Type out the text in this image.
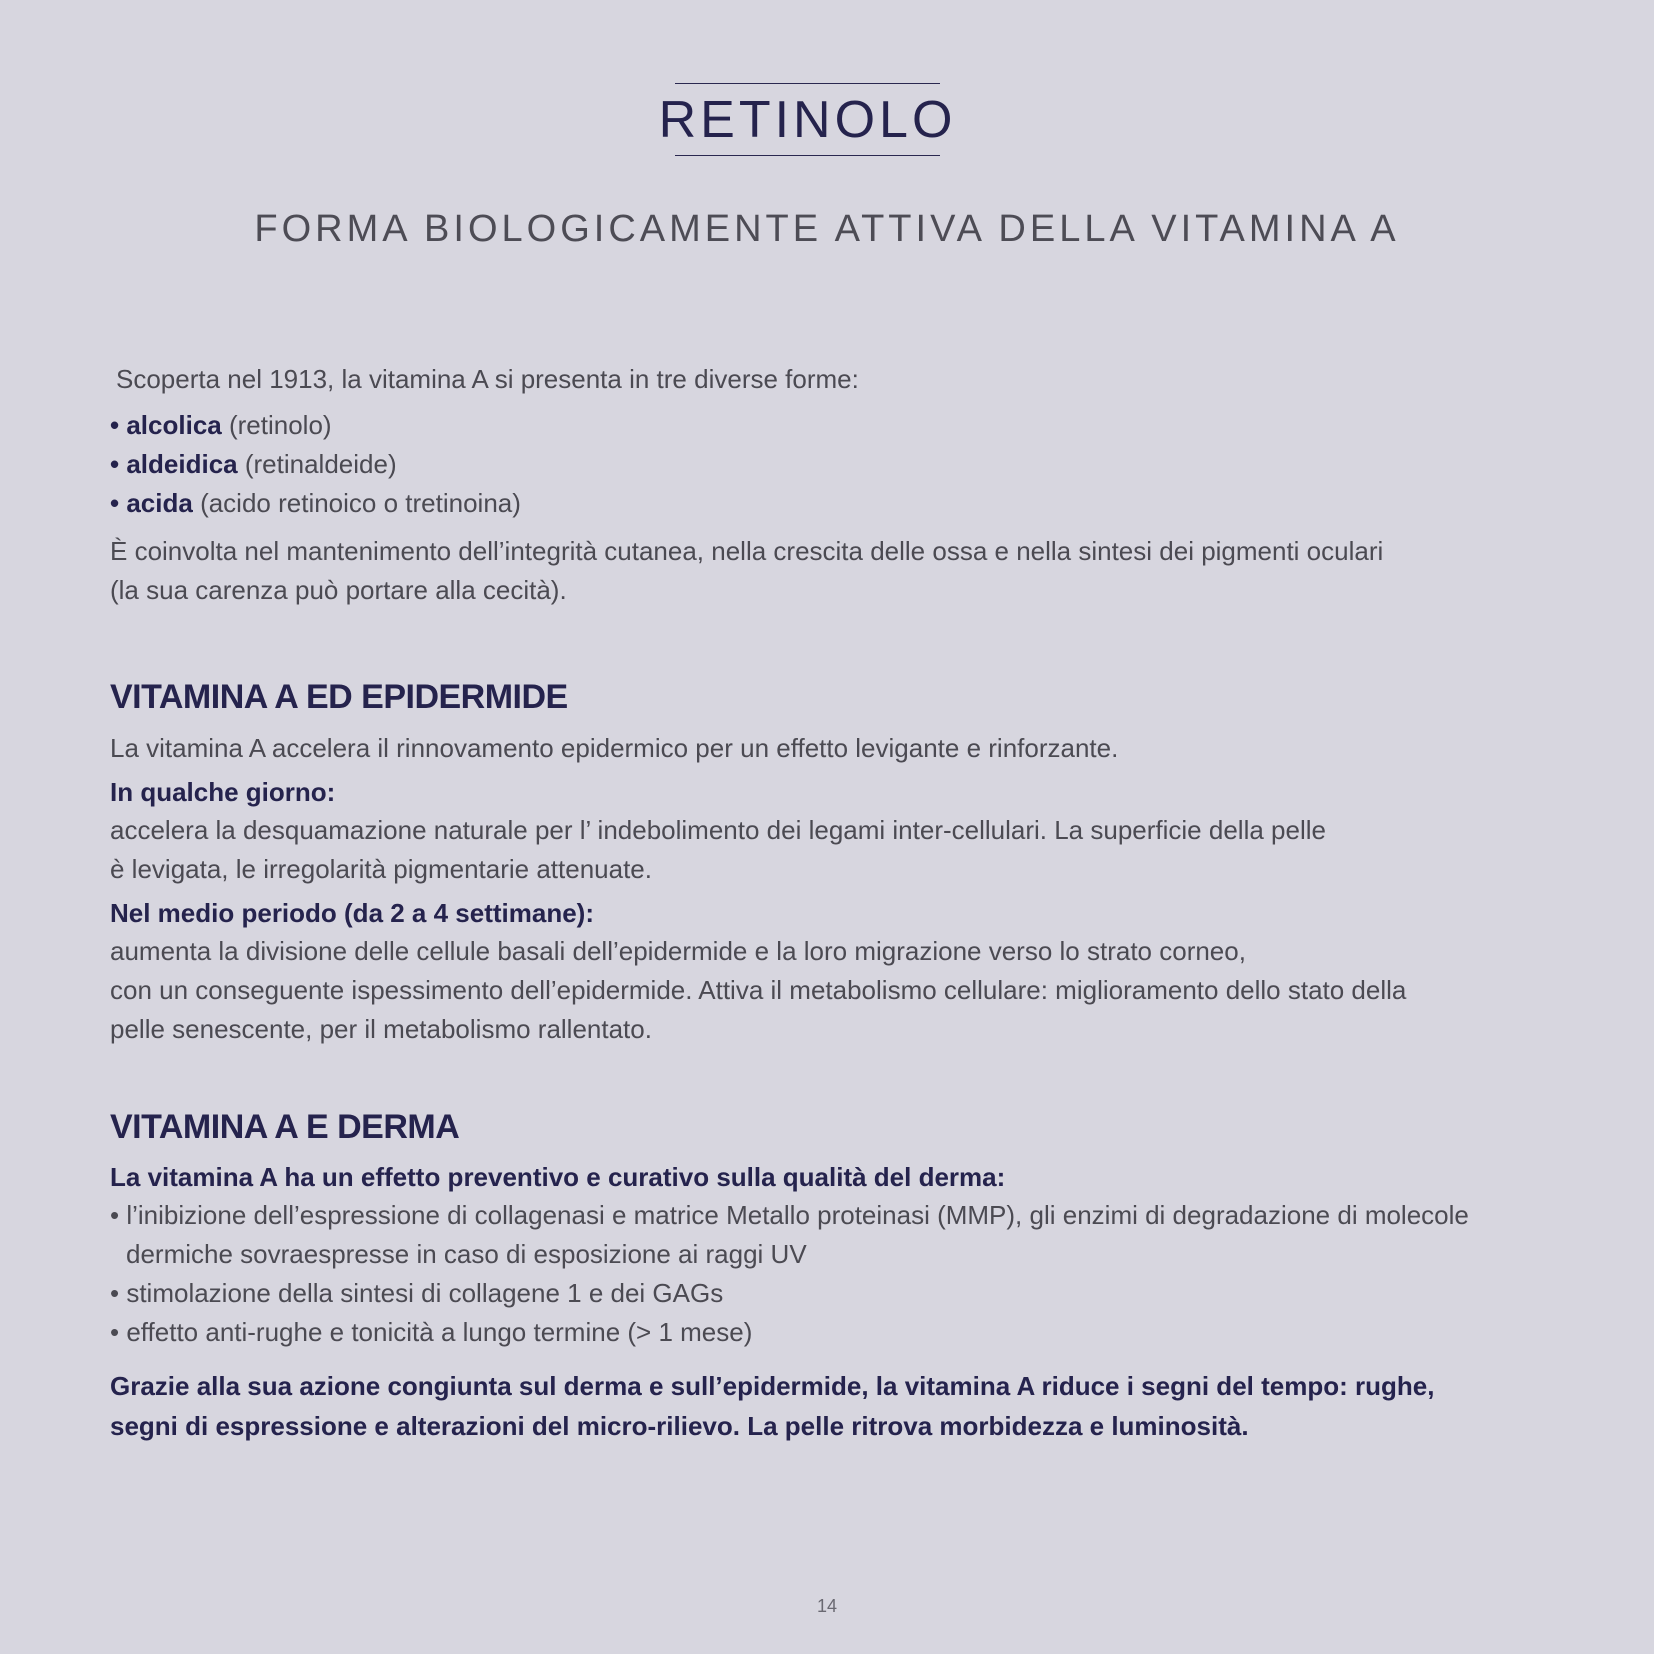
RETINOLO

FORMA BIOLOGICAMENTE ATTIVA DELLA VITAMINA A

Scoperta nel 1913, la vitamina A si presenta in tre diverse forme:

• alcolica (retinolo)
• aldeidica (retinaldeide)
• acida (acido retinoico o tretinoina)

È coinvolta nel mantenimento dell’integrità cutanea, nella crescita delle ossa e nella sintesi dei pigmenti oculari

(la sua carenza può portare alla cecità).

VITAMINA A ED EPIDERMIDE

La vitamina A accelera il rinnovamento epidermico per un effetto levigante e rinforzante.

In qualche giorno:

accelera la desquamazione naturale per l’ indebolimento dei legami inter-cellulari. La superficie della pelle

è levigata, le irregolarità pigmentarie attenuate.

Nel medio periodo (da 2 a 4 settimane):

aumenta la divisione delle cellule basali dell’epidermide e la loro migrazione verso lo strato corneo,

con un conseguente ispessimento dell’epidermide. Attiva il metabolismo cellulare: miglioramento dello stato della

pelle senescente, per il metabolismo rallentato.

VITAMINA A E DERMA

La vitamina A ha un effetto preventivo e curativo sulla qualità del derma:

• l’inibizione dell’espressione di collagenasi e matrice Metallo proteinasi (MMP), gli enzimi di degradazione di molecole dermiche sovraespresse in caso di esposizione ai raggi UV
• stimolazione della sintesi di collagene 1 e dei GAGs
• effetto anti-rughe e tonicità a lungo termine (> 1 mese)

Grazie alla sua azione congiunta sul derma e sull’epidermide, la vitamina A riduce i segni del tempo: rughe,

segni di espressione e alterazioni del micro-rilievo. La pelle ritrova morbidezza e luminosità.

14
